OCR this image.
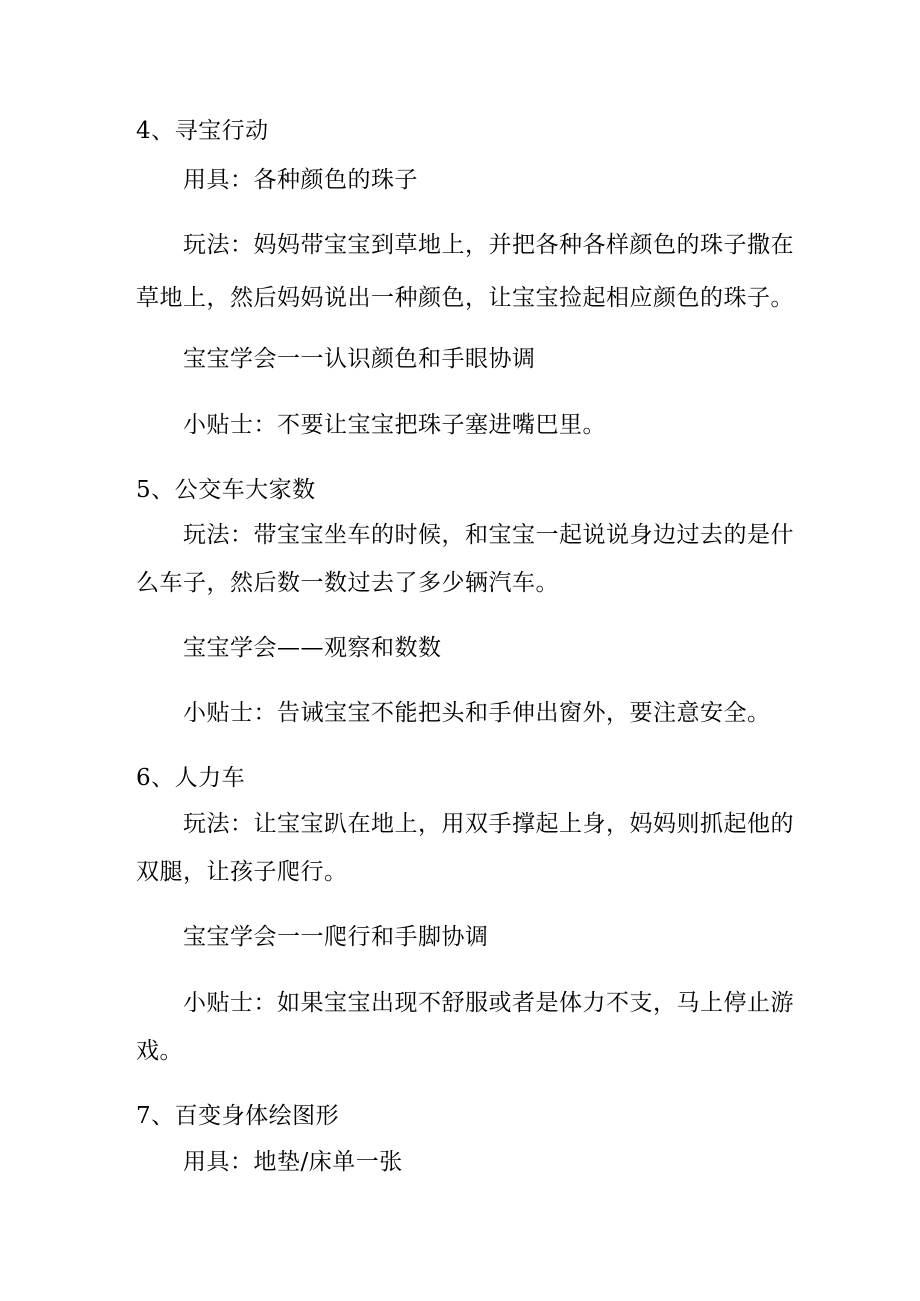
4、寻宝行动
用具：各种颜色的珠子
玩法：妈妈带宝宝到草地上，并把各种各样颜色的珠子撒在
草地上，然后妈妈说出一种颜色，让宝宝捡起相应颜色的珠子。
宝宝学会一一认识颜色和手眼协调
小贴士：不要让宝宝把珠子塞进嘴巴里。
5、公交车大家数
玩法：带宝宝坐车的时候，和宝宝一起说说身边过去的是什
么车子，然后数一数过去了多少辆汽车。
宝宝学会——观察和数数
小贴士：告诫宝宝不能把头和手伸出窗外，要注意安全。
6、人力车
玩法：让宝宝趴在地上，用双手撑起上身，妈妈则抓起他的
双腿，让孩子爬行。
宝宝学会一一爬行和手脚协调
小贴士：如果宝宝出现不舒服或者是体力不支，马上停止游
戏。
7、百变身体绘图形
用具：地垫/床单一张
